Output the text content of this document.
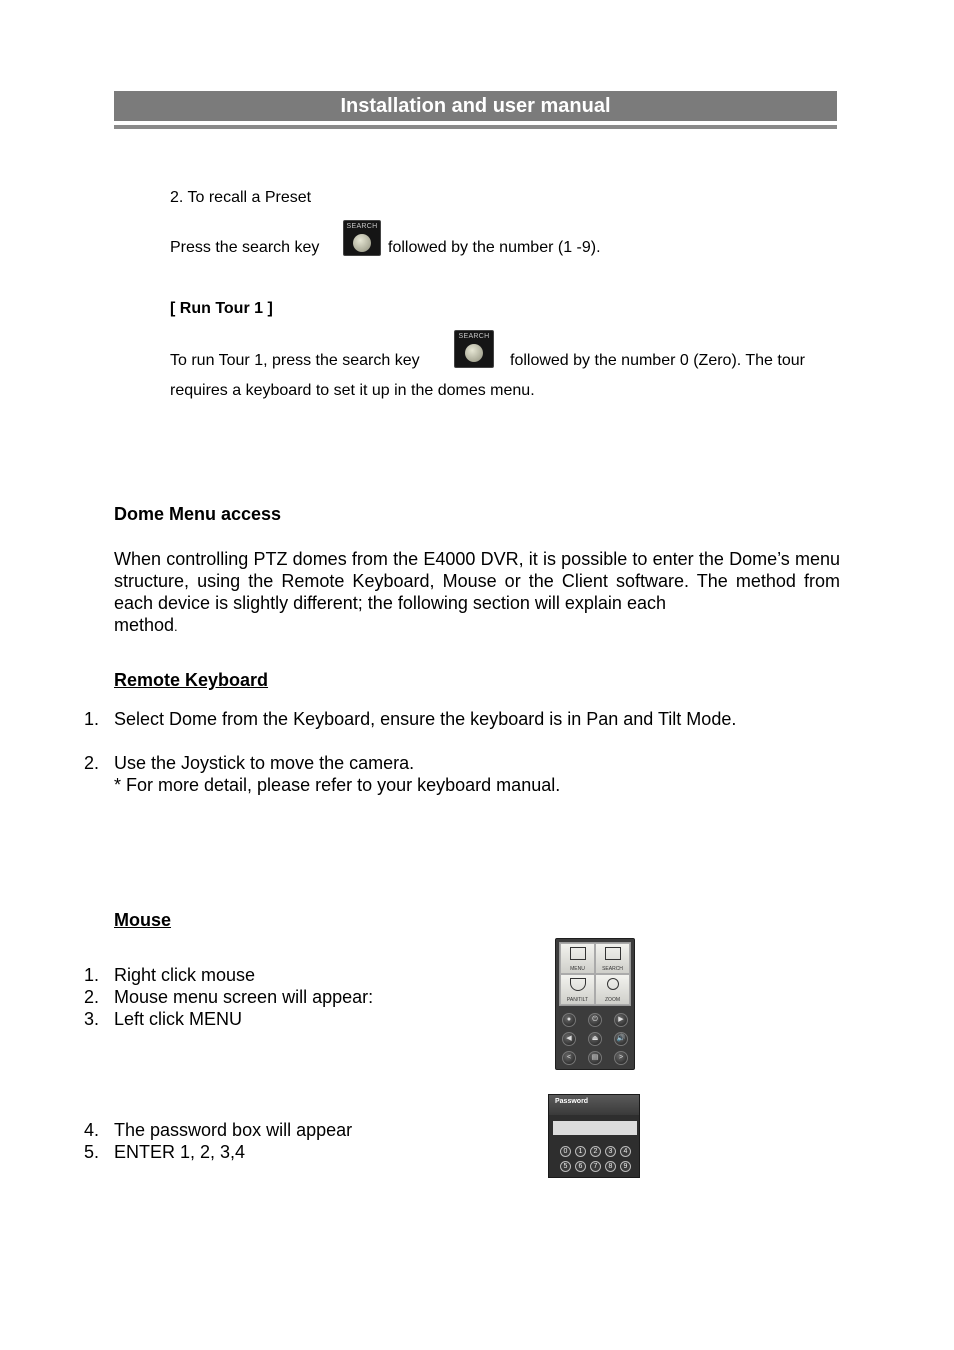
Installation and user manual
2. To recall a Preset
Press the search key
SEARCH
followed by the number (1 -9).
[ Run Tour 1 ]
To run Tour 1, press the search key
SEARCH
followed by the number 0 (Zero). The tour
requires a keyboard to set it up in the domes menu.
Dome Menu access
When controlling PTZ domes from the E4000 DVR, it is possible to enter the Dome’s menu structure, using the Remote Keyboard, Mouse or the Client software. The method from each device is slightly different; the following section will explain each
method.
Remote Keyboard
1. Select Dome from the Keyboard, ensure the keyboard is in Pan and Tilt Mode.
2. Use the Joystick to move the camera.
* For more detail, please refer to your keyboard manual.
Mouse
1. Right click mouse
2. Mouse menu screen will appear:
3. Left click MENU
4. The password box will appear
5. ENTER 1, 2, 3,4
MENU	SEARCH
PAN/TILT	ZOOM
●	⏻	▶
◀	⏏	🔊
<	▤	>
Password
0	1	2	3	4
5	6	7	8	9
